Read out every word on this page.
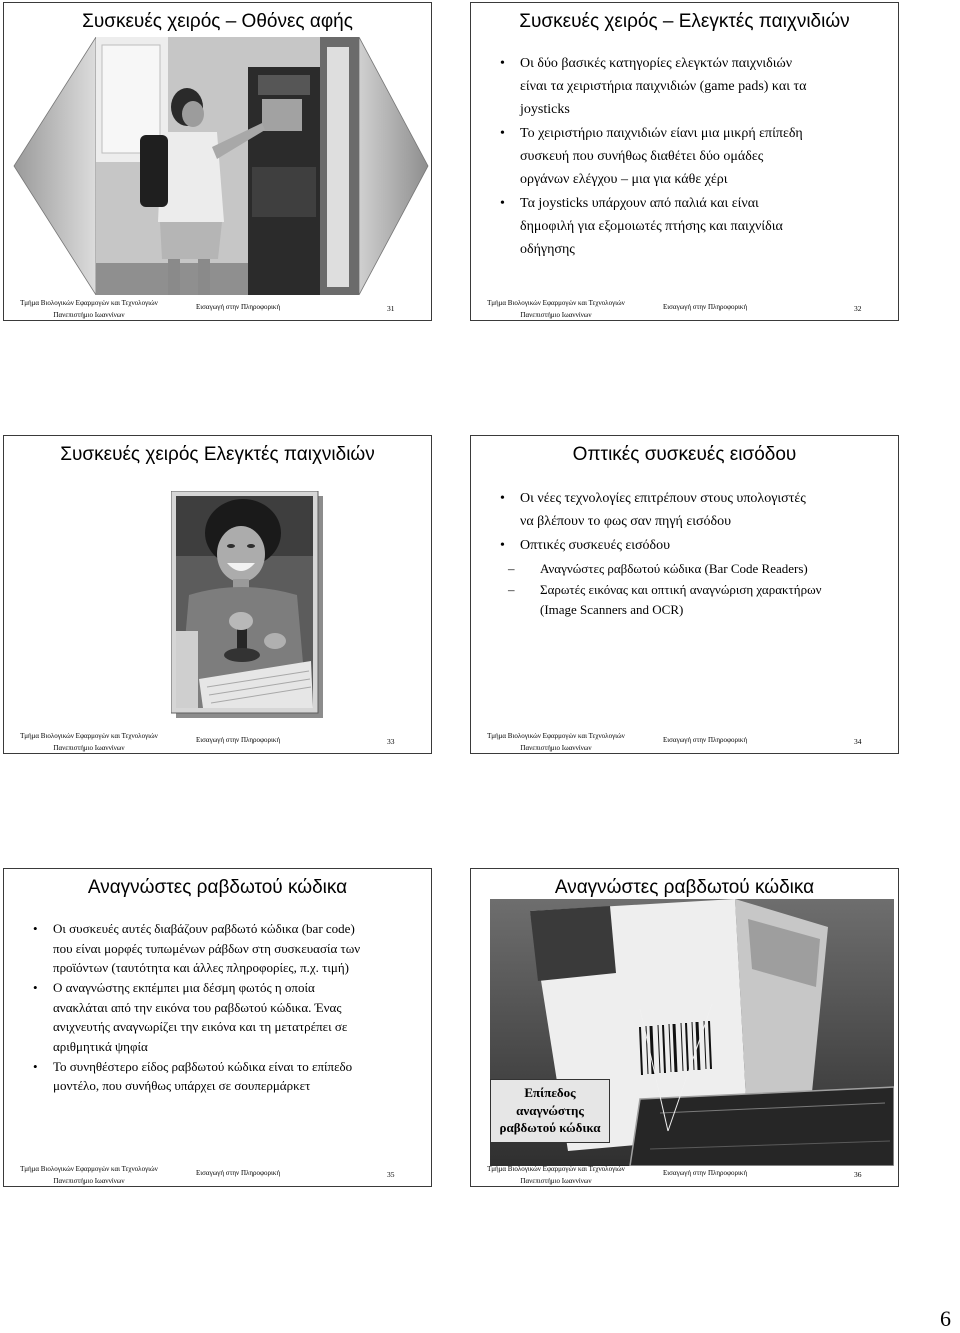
Συσκευές χειρός – Οθόνες αφής
Τμήμα Βιολογικών Εφαρμογών και Τεχνολογιών
Πανεπιστήμιο Ιωαννίνων
Εισαγωγή στην Πληροφορική	31
Συσκευές χειρός – Ελεγκτές παιχνιδιών
• Οι δύο βασικές κατηγορίες ελεγκτών παιχνιδιών
είναι τα χειριστήρια παιχνιδιών (game pads) και τα
joysticks
• Το χειριστήριο παιχνιδιών είανι μια μικρή επίπεδη
συσκευή που συνήθως διαθέτει δύο ομάδες
οργάνων ελέγχου – μια για κάθε χέρι
• Τα joysticks υπάρχουν από παλιά και είναι
δημοφιλή για εξομοιωτές πτήσης και παιχνίδια
οδήγησης
Τμήμα Βιολογικών Εφαρμογών και Τεχνολογιών
Πανεπιστήμιο Ιωαννίνων
Εισαγωγή στην Πληροφορική	32
Συσκευές χειρός Ελεγκτές παιχνιδιών
Τμήμα Βιολογικών Εφαρμογών και Τεχνολογιών
Πανεπιστήμιο Ιωαννίνων
Εισαγωγή στην Πληροφορική	33
Οπτικές συσκευές εισόδου
• Οι νέες τεχνολογίες επιτρέπουν στους υπολογιστές
να βλέπουν το φως σαν πηγή εισόδου
• Οπτικές συσκευές εισόδου
– Αναγνώστες ραβδωτού κώδικα (Bar Code Readers)
– Σαρωτές εικόνας και οπτική αναγνώριση χαρακτήρων
(Image Scanners and OCR)
Τμήμα Βιολογικών Εφαρμογών και Τεχνολογιών
Πανεπιστήμιο Ιωαννίνων
Εισαγωγή στην Πληροφορική	34
Αναγνώστες ραβδωτού κώδικα
• Οι συσκευές αυτές διαβάζουν ραβδωτό κώδικα (bar code)
που είναι μορφές τυπωμένων ράβδων στη συσκευασία των
προϊόντων (ταυτότητα και άλλες πληροφορίες, π.χ. τιμή)
• Ο αναγνώστης εκπέμπει μια δέσμη φωτός η οποία
ανακλάται από την εικόνα του ραβδωτού κώδικα. Ένας
ανιχνευτής αναγνωρίζει την εικόνα και τη μετατρέπει σε
αριθμητικά ψηφία
• Το συνηθέστερο είδος ραβδωτού κώδικα είναι το επίπεδο
μοντέλο, που συνήθως υπάρχει σε σουπερμάρκετ
Τμήμα Βιολογικών Εφαρμογών και Τεχνολογιών
Πανεπιστήμιο Ιωαννίνων
Εισαγωγή στην Πληροφορική	35
Αναγνώστες ραβδωτού κώδικα
Επίπεδος
αναγνώστης
ραβδωτού κώδικα
Τμήμα Βιολογικών Εφαρμογών και Τεχνολογιών
Πανεπιστήμιο Ιωαννίνων
Εισαγωγή στην Πληροφορική	36
6
